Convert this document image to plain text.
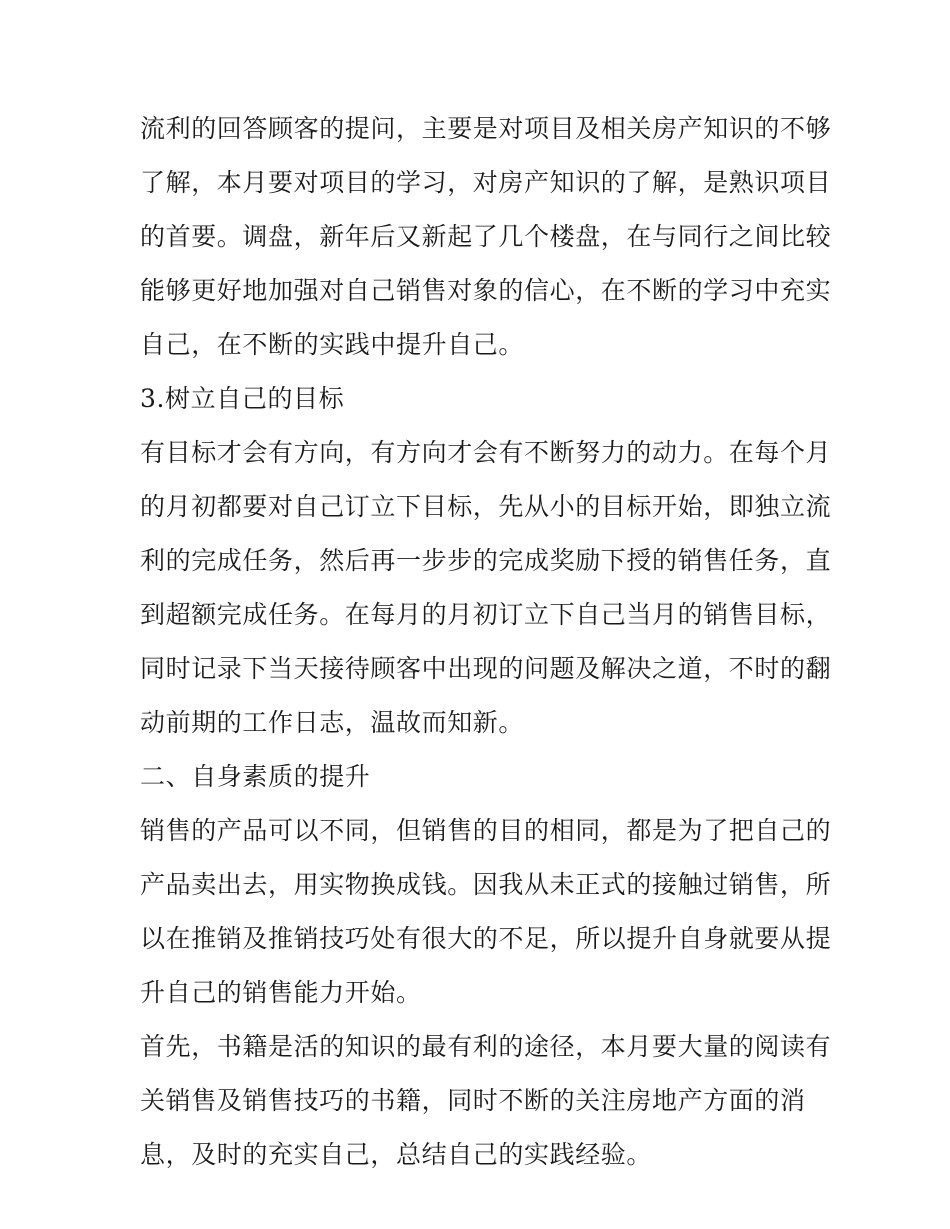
流利的回答顾客的提问，主要是对项目及相关房产知识的不够
了解，本月要对项目的学习，对房产知识的了解，是熟识项目
的首要。调盘，新年后又新起了几个楼盘，在与同行之间比较
能够更好地加强对自己销售对象的信心，在不断的学习中充实
自己，在不断的实践中提升自己。
3.树立自己的目标
有目标才会有方向，有方向才会有不断努力的动力。在每个月
的月初都要对自己订立下目标，先从小的目标开始，即独立流
利的完成任务，然后再一步步的完成奖励下授的销售任务，直
到超额完成任务。在每月的月初订立下自己当月的销售目标，
同时记录下当天接待顾客中出现的问题及解决之道，不时的翻
动前期的工作日志，温故而知新。
二、自身素质的提升
销售的产品可以不同，但销售的目的相同，都是为了把自己的
产品卖出去，用实物换成钱。因我从未正式的接触过销售，所
以在推销及推销技巧处有很大的不足，所以提升自身就要从提
升自己的销售能力开始。
首先，书籍是活的知识的最有利的途径，本月要大量的阅读有
关销售及销售技巧的书籍，同时不断的关注房地产方面的消
息，及时的充实自己，总结自己的实践经验。
